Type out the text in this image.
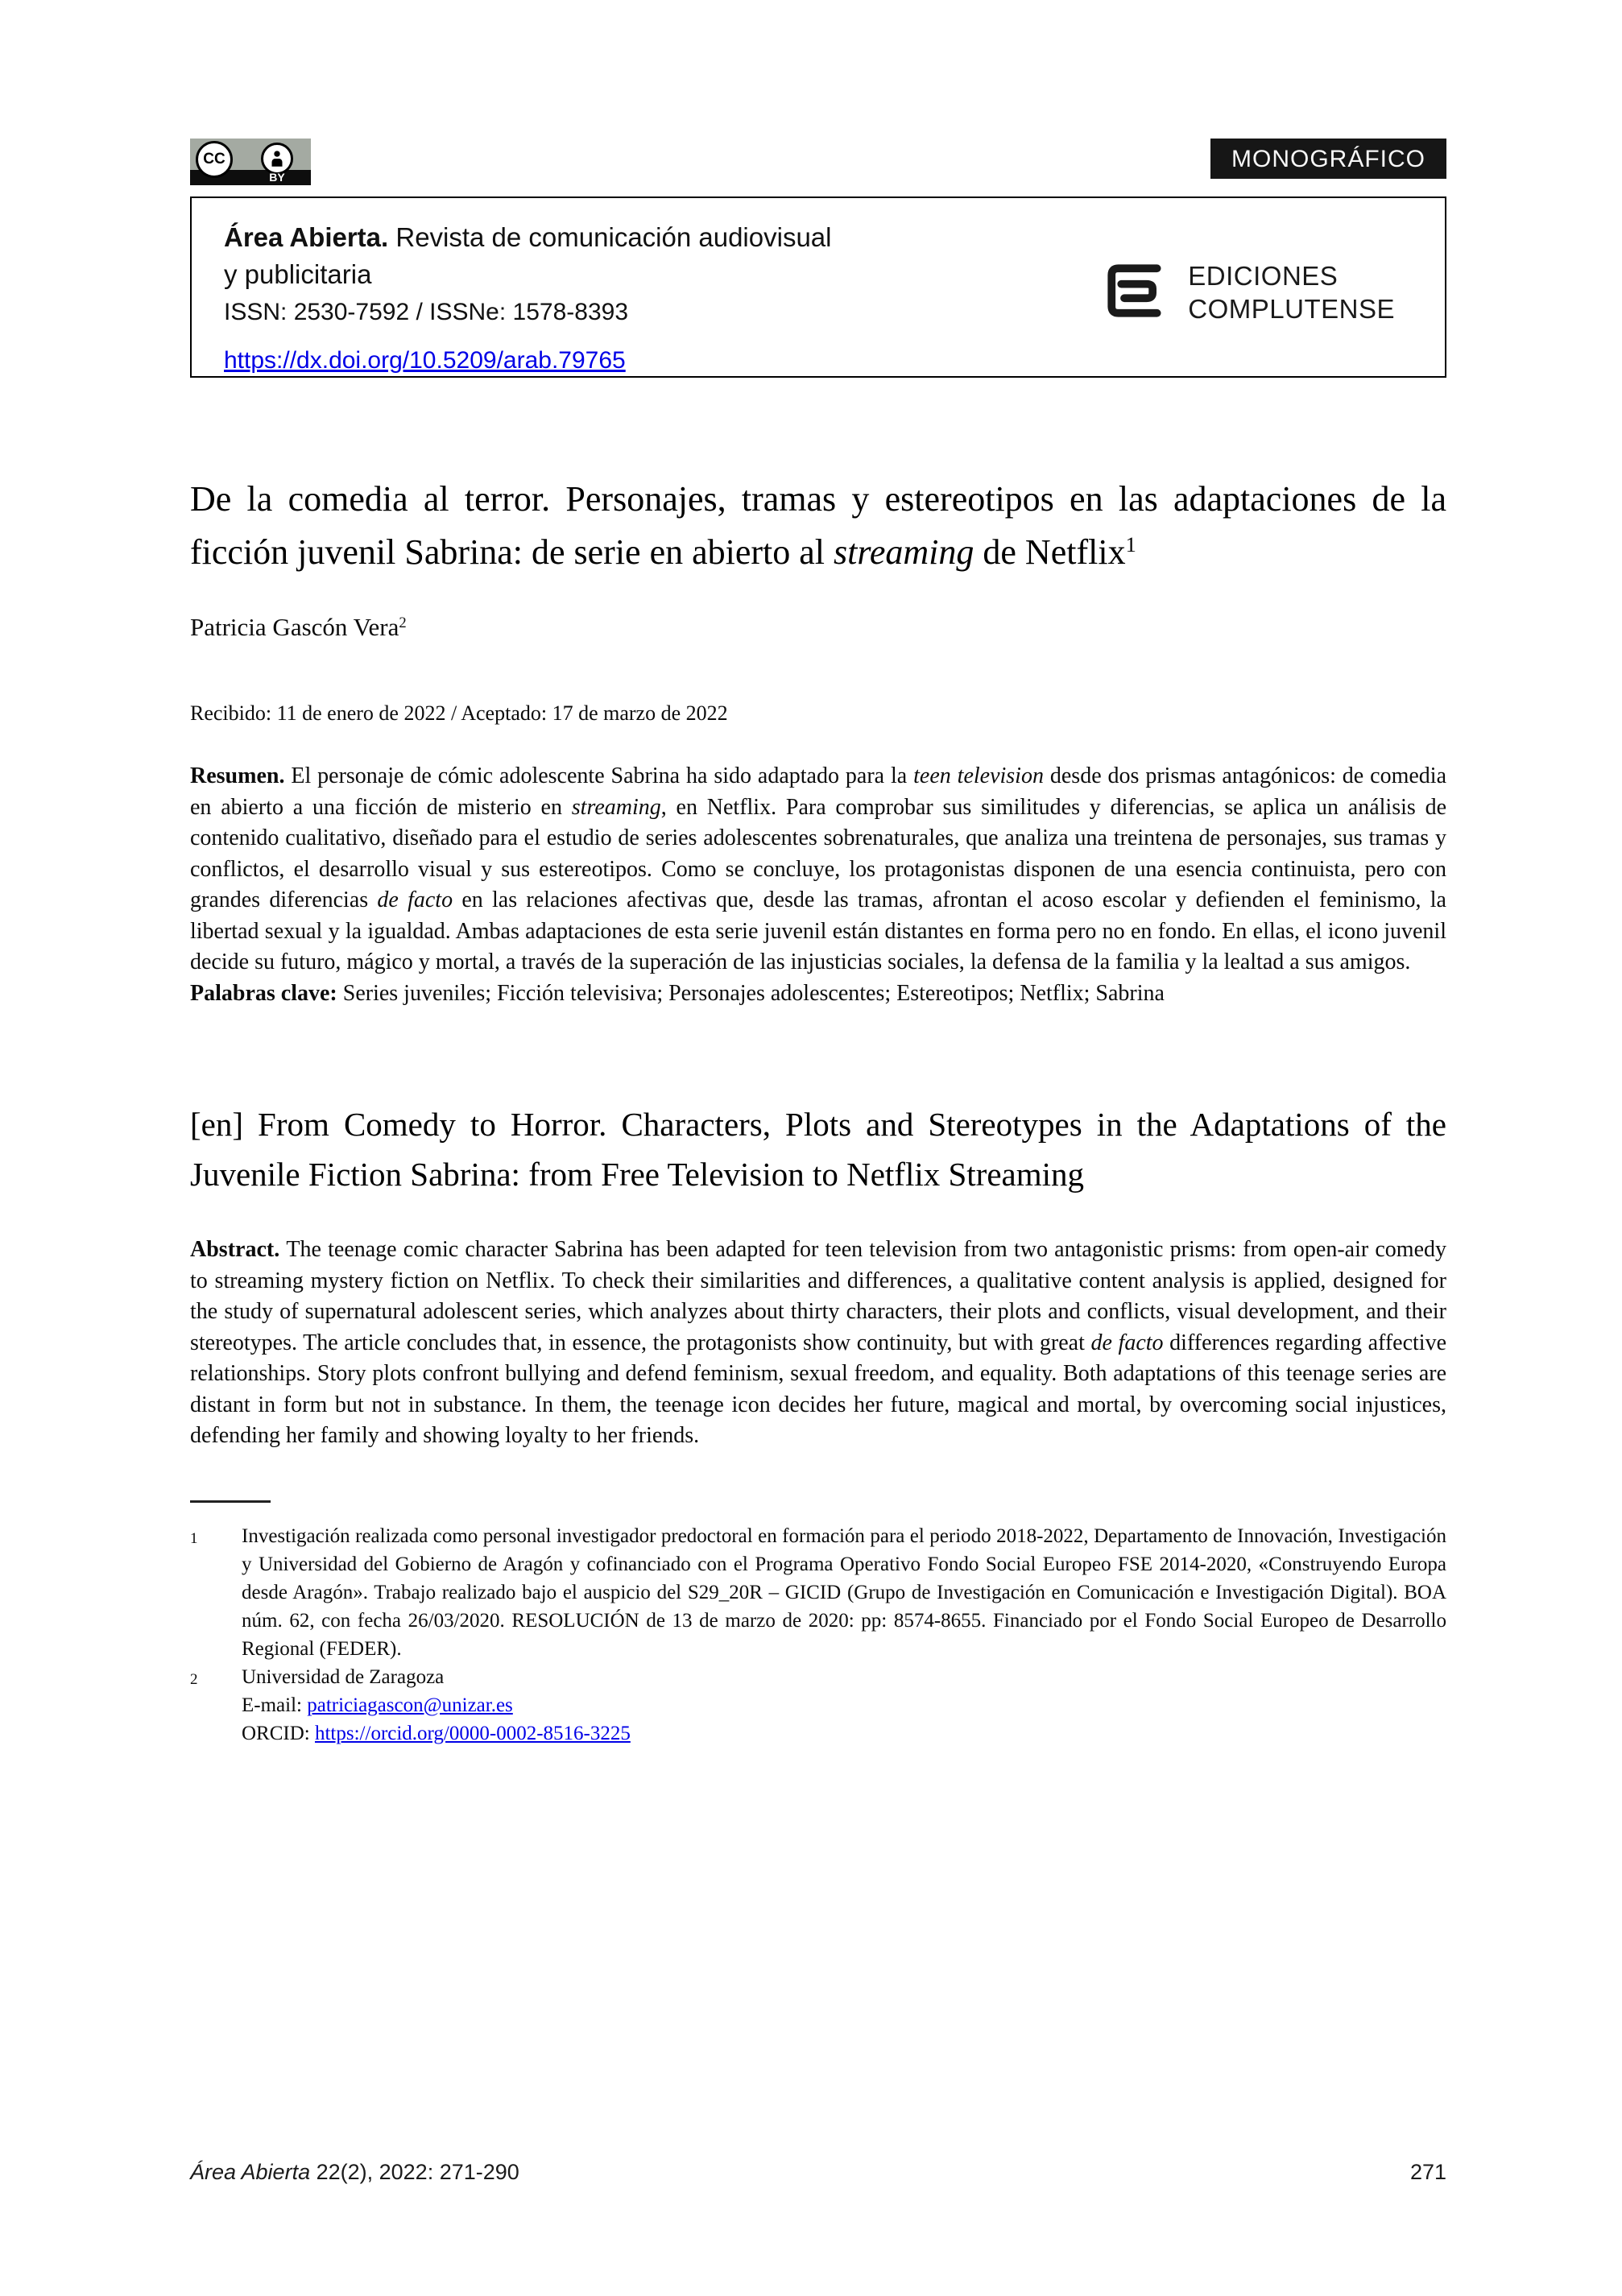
CC
BY
MONOGRÁFICO
Área Abierta. Revista de comunicación audiovisual y publicitaria
ISSN: 2530-7592 / ISSNe: 1578-8393
https://dx.doi.org/10.5209/arab.79765
EDICIONES
COMPLUTENSE
De la comedia al terror. Personajes, tramas y estereotipos en las adaptaciones de la ficción juvenil Sabrina: de serie en abierto al streaming de Netflix$^1$
Patricia Gascón Vera$^2$
Recibido: 11 de enero de 2022 / Aceptado: 17 de marzo de 2022

Resumen. El personaje de cómic adolescente Sabrina ha sido adaptado para la teen television desde dos prismas antagónicos: de comedia en abierto a una ficción de misterio en streaming, en Netflix. Para comprobar sus similitudes y diferencias, se aplica un análisis de contenido cualitativo, diseñado para el estudio de series adolescentes sobrenaturales, que analiza una treintena de personajes, sus tramas y conflictos, el desarrollo visual y sus estereotipos. Como se concluye, los protagonistas disponen de una esencia continuista, pero con grandes diferencias de facto en las relaciones afectivas que, desde las tramas, afrontan el acoso escolar y defienden el feminismo, la libertad sexual y la igualdad. Ambas adaptaciones de esta serie juvenil están distantes en forma pero no en fondo. En ellas, el icono juvenil decide su futuro, mágico y mortal, a través de la superación de las injusticias sociales, la defensa de la familia y la lealtad a sus amigos.

Palabras clave: Series juveniles; Ficción televisiva; Personajes adolescentes; Estereotipos; Netflix; Sabrina

[en] From Comedy to Horror. Characters, Plots and Stereotypes in the Adaptations of the Juvenile Fiction Sabrina: from Free Television to Netflix Streaming

Abstract. The teenage comic character Sabrina has been adapted for teen television from two antagonistic prisms: from open-air comedy to streaming mystery fiction on Netflix. To check their similarities and differences, a qualitative content analysis is applied, designed for the study of supernatural adolescent series, which analyzes about thirty characters, their plots and conflicts, visual development, and their stereotypes. The article concludes that, in essence, the protagonists show continuity, but with great de facto differences regarding affective relationships. Story plots confront bullying and defend feminism, sexual freedom, and equality. Both adaptations of this teenage series are distant in form but not in substance. In them, the teenage icon decides her future, magical and mortal, by overcoming social injustices, defending her family and showing loyalty to her friends.

1	Investigación realizada como personal investigador predoctoral en formación para el periodo 2018-2022, Departamento de Innovación, Investigación y Universidad del Gobierno de Aragón y cofinanciado con el Programa Operativo Fondo Social Europeo FSE 2014-2020, «Construyendo Europa desde Aragón». Trabajo realizado bajo el auspicio del S29_20R – GICID (Grupo de Investigación en Comunicación e Investigación Digital). BOA núm. 62, con fecha 26/03/2020. RESOLUCIÓN de 13 de marzo de 2020: pp: 8574-8655. Financiado por el Fondo Social Europeo de Desarrollo Regional (FEDER).
2	Universidad de Zaragoza
E-mail: patriciagascon@unizar.es
ORCID: https://orcid.org/0000-0002-8516-3225
Área Abierta 22(2), 2022: 271-290	271
